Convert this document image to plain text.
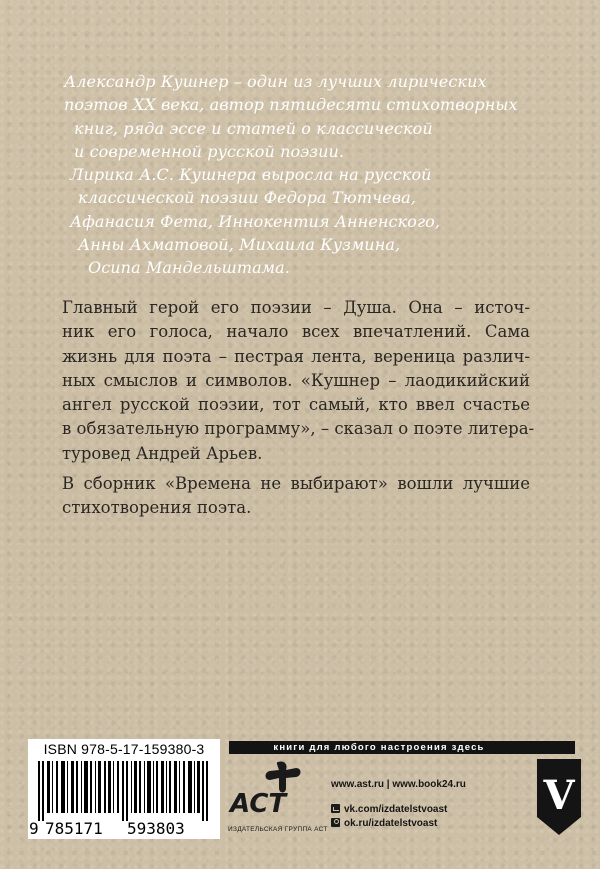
Александр Кушнер – один из лучших лирических
поэтов XX века, автор пятидесяти стихотворных
книг, ряда эссе и статей о классической
и современной русской поэзии.
Лирика А.С. Кушнера выросла на русской
классической поэзии Федора Тютчева,
Афанасия Фета, Иннокентия Анненского,
Анны Ахматовой, Михаила Кузмина,
Осипа Мандельштама.
Главный герой его поэзии – Душа. Она – источ-
ник его голоса, начало всех впечатлений. Сама
жизнь для поэта – пестрая лента, вереница различ-
ных смыслов и символов. «Кушнер – лаодикийский
ангел русской поэзии, тот самый, кто ввел счастье
в обязательную программу», – сказал о поэте литера-
туровед Андрей Арьев.
В сборник «Времена не выбирают» вошли лучшие
стихотворения поэта.
ISBN 978-5-17-159380-3
9 785171 593803
книги для любого настроения здесь
ACT
ИЗДАТЕЛЬСКАЯ ГРУППА АСТ
www.ast.ru | www.book24.ru
vk.com/izdatelstvoast
ok.ru/izdatelstvoast
V
